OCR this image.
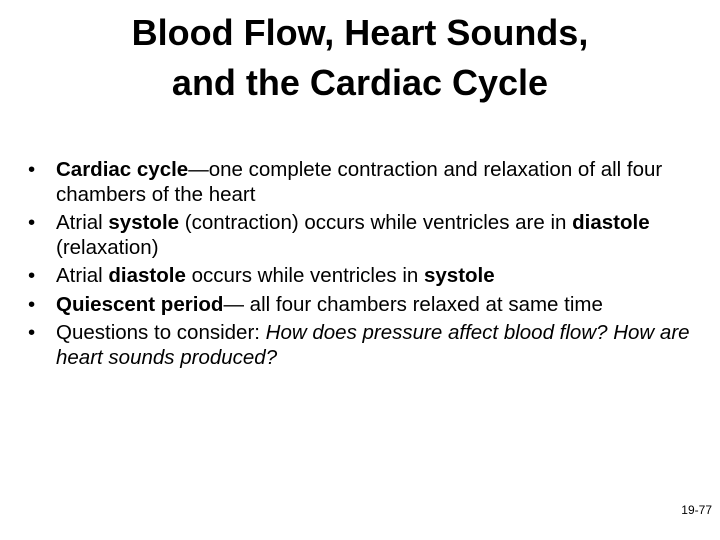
Blood Flow, Heart Sounds,
and the Cardiac Cycle
•	Cardiac cycle—one complete contraction and relaxation of all four chambers of the heart
•	Atrial systole (contraction) occurs while ventricles are in diastole (relaxation)
•	Atrial diastole occurs while ventricles in systole
•	Quiescent period— all four chambers relaxed at same time
•	Questions to consider: How does pressure affect blood flow? How are heart sounds produced?
19-77
